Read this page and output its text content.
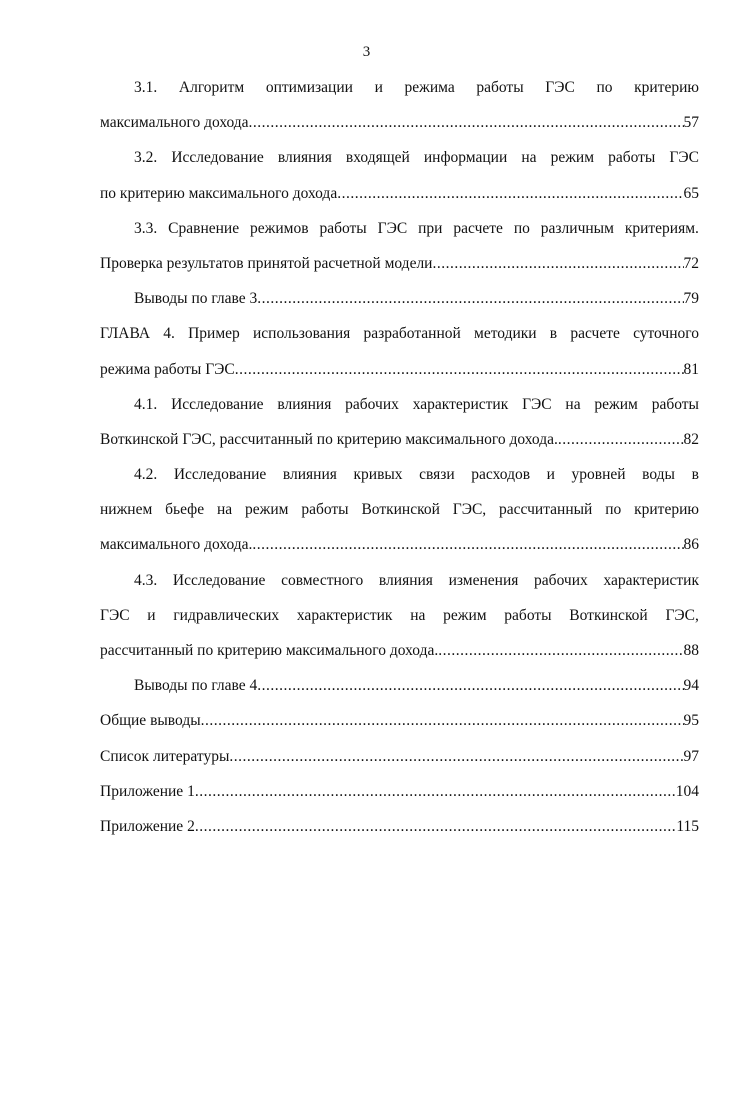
3
3.1. Алгоритм оптимизации и режима работы ГЭС по критерию
максимального дохода .....	57
3.2. Исследование влияния входящей информации на режим работы ГЭС
по критерию максимального дохода .....	65
3.3. Сравнение режимов работы ГЭС при расчете по различным критериям.
Проверка результатов принятой расчетной модели .....	72
Выводы по главе 3 .....	79
ГЛАВА 4. Пример использования разработанной методики в расчете суточного
режима работы ГЭС .....	81
4.1. Исследование влияния рабочих характеристик ГЭС на режим работы
Воткинской ГЭС, рассчитанный по критерию максимального дохода. .....	82
4.2. Исследование влияния кривых связи расходов и уровней воды в
нижнем бьефе на режим работы Воткинской ГЭС, рассчитанный по критерию
максимального дохода. .....	86
4.3. Исследование совместного влияния изменения рабочих характеристик
ГЭС и гидравлических характеристик на режим работы Воткинской ГЭС,
рассчитанный по критерию максимального дохода. .....	88
Выводы по главе 4 .....	94
Общие выводы .....	95
Список литературы .....	97
Приложение 1 .....	104
Приложение 2 .....	115
